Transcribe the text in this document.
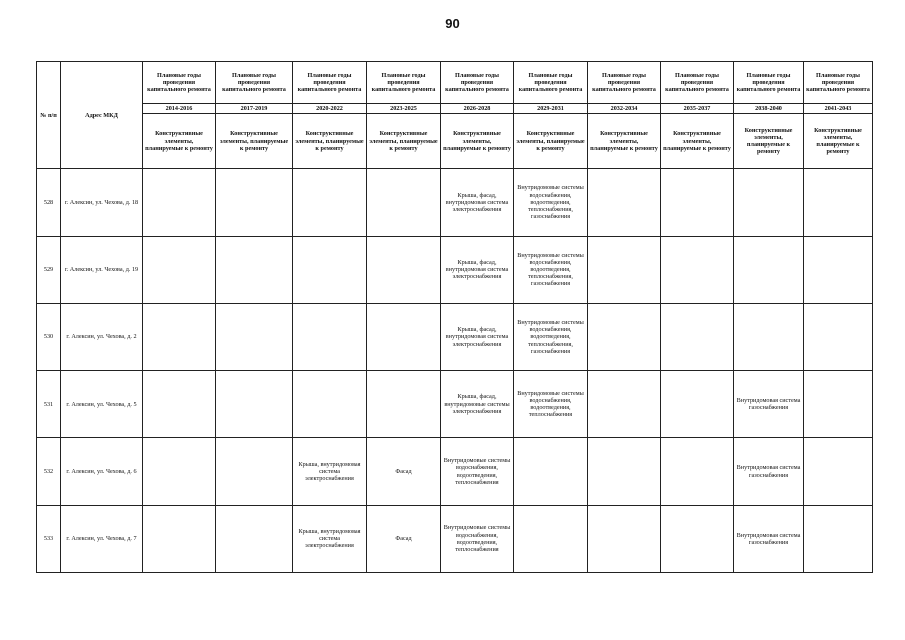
90
№ п/п	Адрес МКД	Плановые годы проведения капитального ремонта	Плановые годы проведения капитального ремонта	Плановые годы проведения капитального ремонта	Плановые годы проведения капитального ремонта	Плановые годы проведения капитального ремонта	Плановые годы проведения капитального ремонта	Плановые годы проведения капитального ремонта	Плановые годы проведения капитального ремонта	Плановые годы проведения капитального ремонта	Плановые годы проведения капитального ремонта
		2014-2016	2017-2019	2020-2022	2023-2025	2026-2028	2029-2031	2032-2034	2035-2037	2038-2040	2041-2043
		Конструктивные элементы, планируемые к ремонту	Конструктивные элементы, планируемые к ремонту	Конструктивные элементы, планируемые к ремонту	Конструктивные элементы, планируемые к ремонту	Конструктивные элементы, планируемые к ремонту	Конструктивные элементы, планируемые к ремонту	Конструктивные элементы, планируемые к ремонту	Конструктивные элементы, планируемые к ремонту	Конструктивные элементы, планируемые к ремонту	Конструктивные элементы, планируемые к ремонту
528	г. Алексин, ул. Чехова, д. 18					Крыша, фасад, внутридомовая система электроснабжения	Внутридомовые системы водоснабжения, водоотведения, теплоснабжения, газоснабжения				
529	г. Алексин, ул. Чехова, д. 19					Крыша, фасад, внутридомовая система электроснабжения	Внутридомовые системы водоснабжения, водоотведения, теплоснабжения, газоснабжения				
530	г. Алексин, ул. Чехова, д. 2					Крыша, фасад, внутридомовая система электроснабжения	Внутридомовые системы водоснабжения, водоотведения, теплоснабжения, газоснабжения				
531	г. Алексин, ул. Чехова, д. 5					Крыша, фасад, внутридомовые системы электроснабжения	Внутридомовые системы водоснабжения, водоотведения, теплоснабжения			Внутридомовая система газоснабжения	
532	г. Алексин, ул. Чехова, д. 6			Крыша, внутридомовая система электроснабжения	Фасад	Внутридомовые системы водоснабжения, водоотведения, теплоснабжения				Внутридомовая система газоснабжения	
533	г. Алексин, ул. Чехова, д. 7			Крыша, внутридомовая система электроснабжения	Фасад	Внутридомовые системы водоснабжения, водоотведения, теплоснабжения				Внутридомовая система газоснабжения	
